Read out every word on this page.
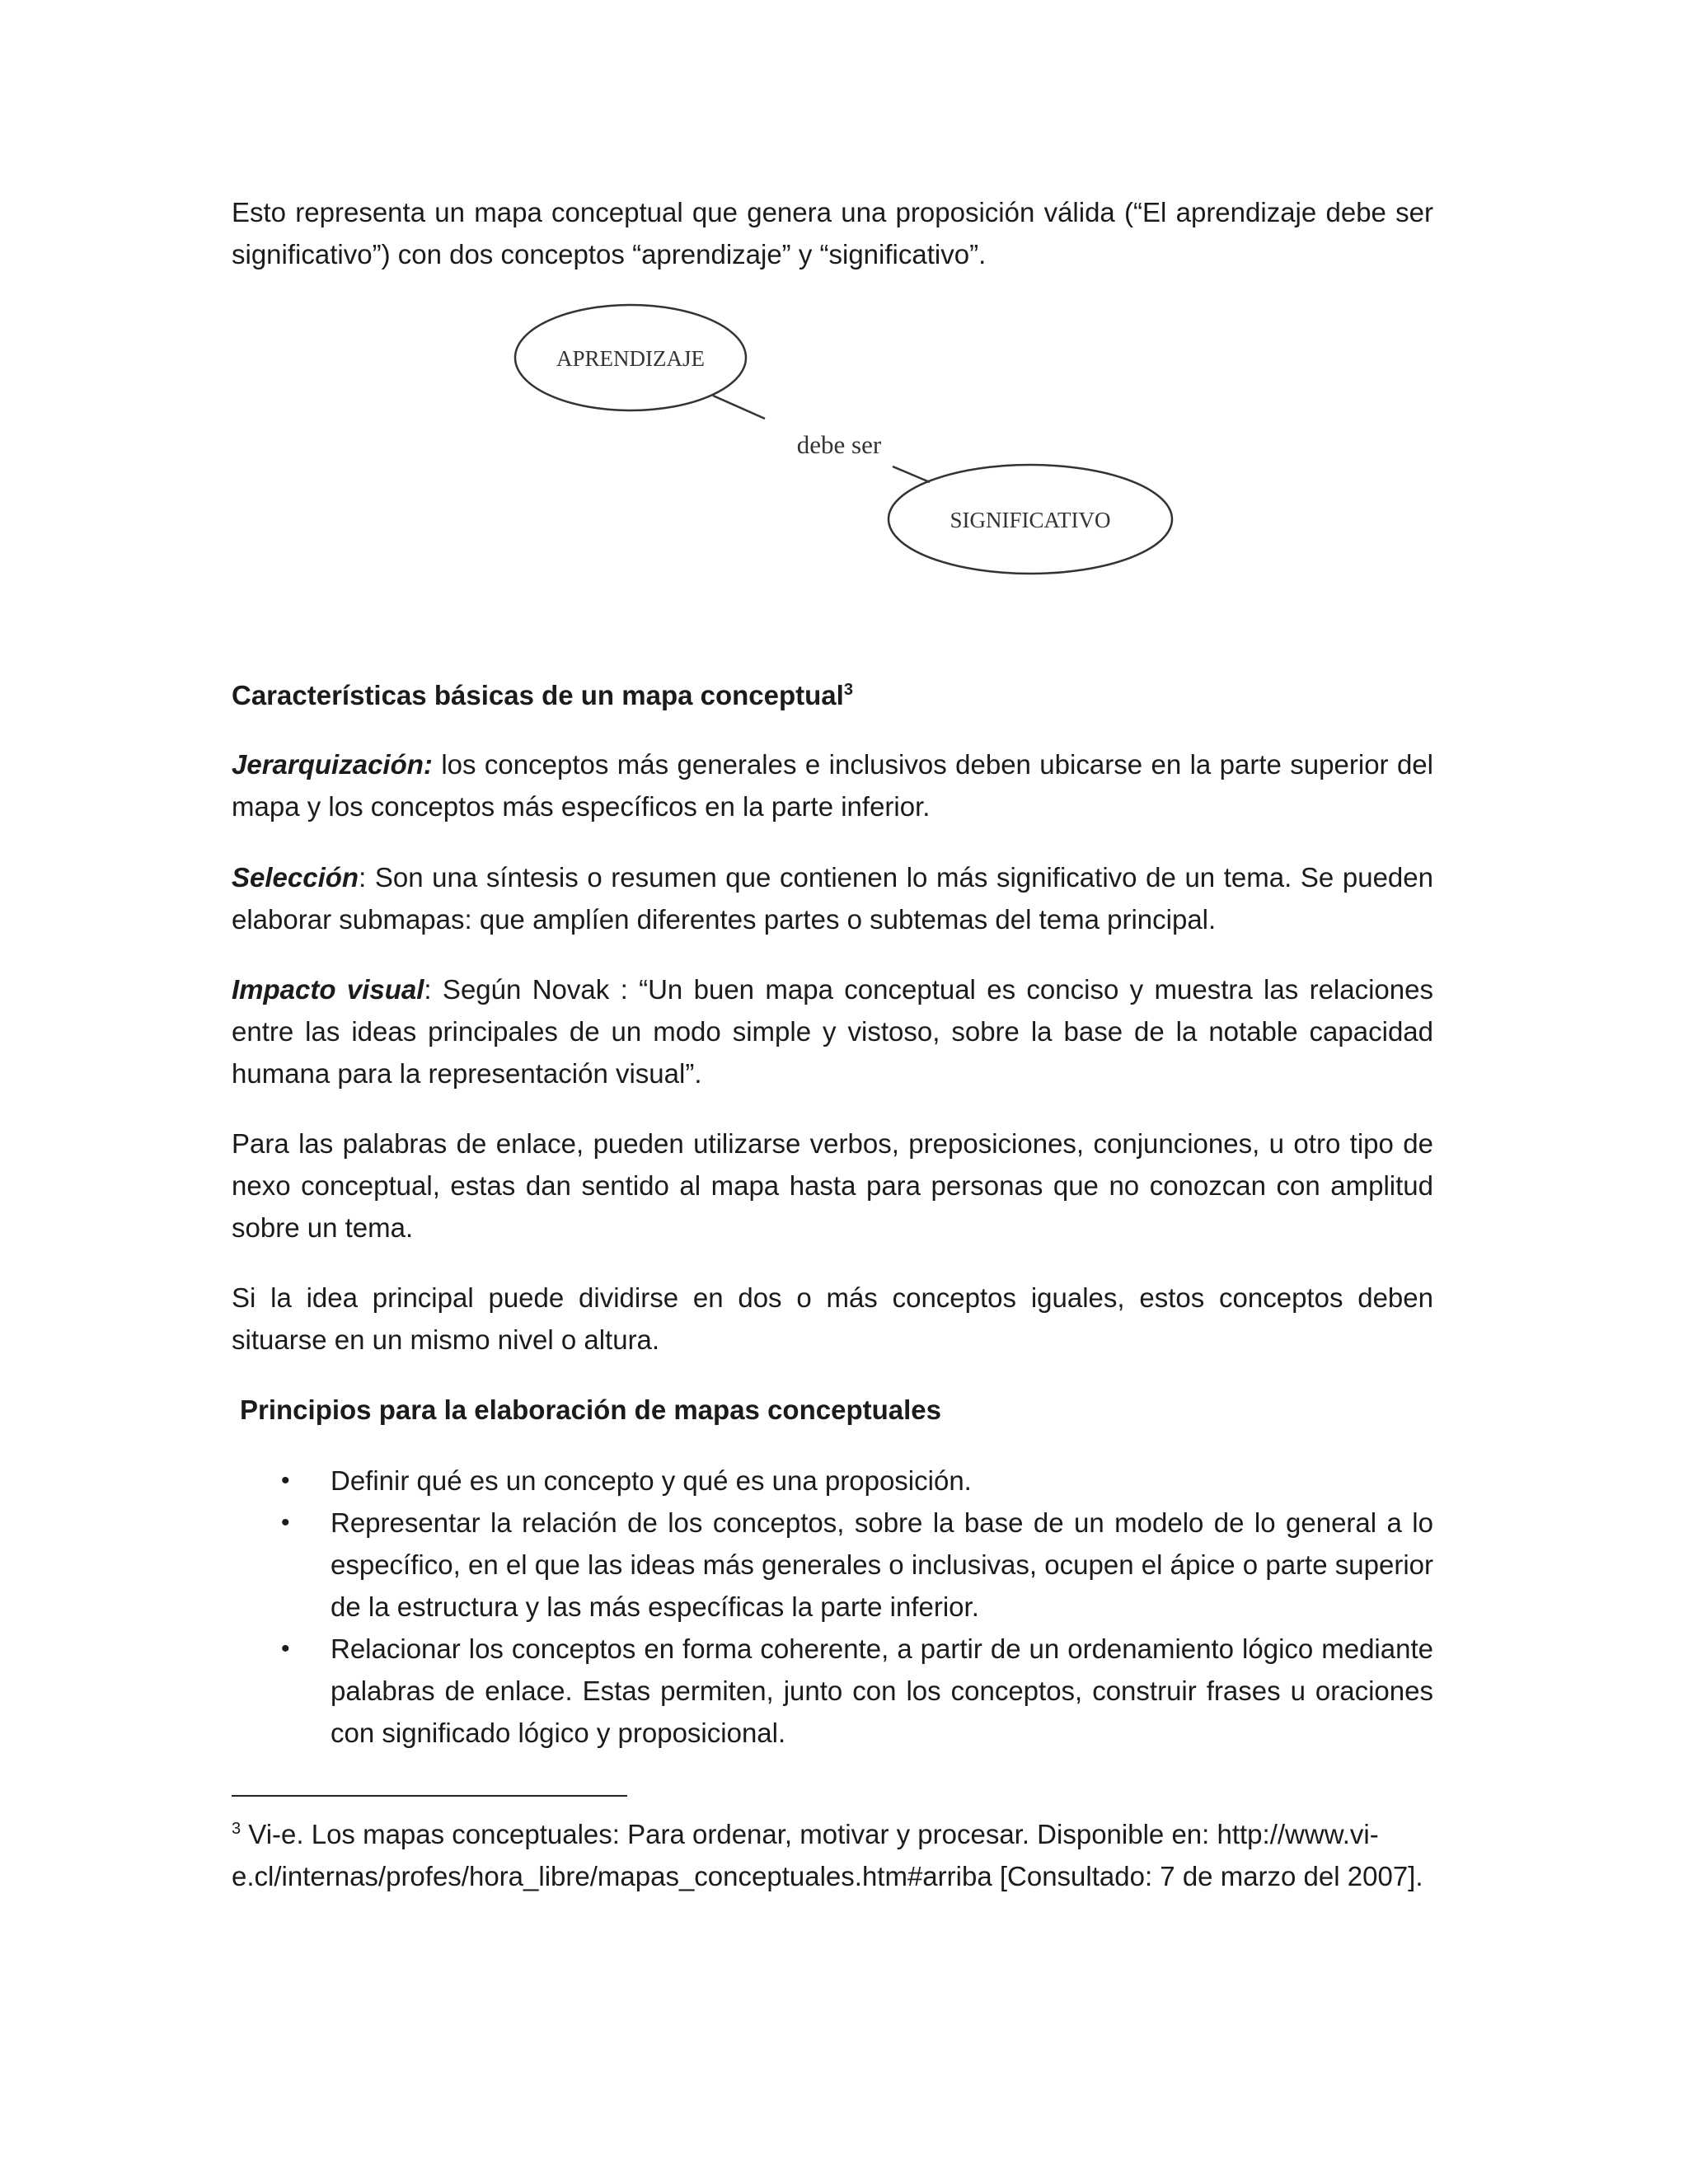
Esto representa un mapa conceptual que genera una proposición válida (“El aprendizaje debe ser significativo”) con dos conceptos “aprendizaje” y “significativo”.

APRENDIZAJE
debe ser
SIGNIFICATIVO

Características básicas de un mapa conceptual$^3$

Jerarquización: los conceptos más generales e inclusivos deben ubicarse en la parte superior del mapa y los conceptos más específicos en la parte inferior.

Selección: Son una síntesis o resumen que contienen lo más significativo de un tema. Se pueden elaborar submapas: que amplíen diferentes partes o subtemas del tema principal.

Impacto visual: Según Novak : “Un buen mapa conceptual es conciso y muestra las relaciones entre las ideas principales de un modo simple y vistoso, sobre la base de la notable capacidad humana para la representación visual”.

Para las palabras de enlace, pueden utilizarse verbos, preposiciones, conjunciones, u otro tipo de nexo conceptual, estas dan sentido al mapa hasta para personas que no conozcan con amplitud sobre un tema.

Si la idea principal puede dividirse en dos o más conceptos iguales, estos conceptos deben situarse en un mismo nivel o altura.

Principios para la elaboración de mapas conceptuales

• Definir qué es un concepto y qué es una proposición.
• Representar la relación de los conceptos, sobre la base de un modelo de lo general a lo específico, en el que las ideas más generales o inclusivas, ocupen el ápice o parte superior de la estructura y las más específicas la parte inferior.
• Relacionar los conceptos en forma coherente, a partir de un ordenamiento lógico mediante palabras de enlace. Estas permiten, junto con los conceptos, construir frases u oraciones con significado lógico y proposicional.

$^3$ Vi-e. Los mapas conceptuales: Para ordenar, motivar y procesar. Disponible en: http://www.vi-e.cl/internas/profes/hora_libre/mapas_conceptuales.htm#arriba [Consultado: 7 de marzo del 2007].
